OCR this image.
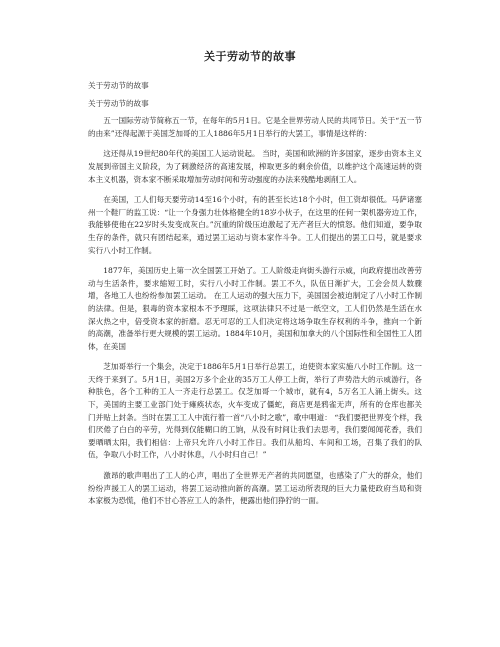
关于劳动节的故事

关于劳动节的故事

关于劳动节的故事

五一国际劳动节简称五一节，在每年的5月1日。它是全世界劳动人民的共同节日。关于“五一节的由来”还得起源于美国芝加哥的工人1886年5月1日举行的大罢工，事情是这样的：

这还得从19世纪80年代的美国工人运动说起。 当时，美国和欧洲的许多国家，逐步由资本主义发展到帝国主义阶段，为了刺激经济的高速发展，榨取更多的剩余价值，以维护这个高速运转的资本主义机器，资本家不断采取增加劳动时间和劳动强度的办法来残酷地剥削工人。

在美国，工人们每天要劳动14至16个小时，有的甚至长达18个小时，但工资却很低。马萨诸塞州一个鞋厂的监工说：“让一个身强力壮体格健全的18岁小伙子，在这里的任何一架机器旁边工作，我能够使他在22岁时头发变成灰白。”沉重的阶级压迫激起了无产者巨大的愤怒。他们知道，要争取生存的条件，就只有团结起来，通过罢工运动与资本家作斗争。工人们提出的罢工口号，就是要求实行八小时工作制。

1877年，美国历史上第一次全国罢工开始了。工人阶级走向街头游行示威，向政府提出改善劳动与生活条件，要求缩短工时，实行八小时工作制。罢工不久，队伍日渐扩大，工会会员人数骤增，各地工人也纷纷参加罢工运动。 在工人运动的强大压力下，美国国会被迫制定了八小时工作制的法律。但是，狠毒的资本家根本不予理睬，这项法律只不过是一纸空文，工人们仍然是生活在水深火热之中，倍受资本家的折磨。忍无可忍的工人们决定将这场争取生存权利的斗争，推向一个新的高潮，准备举行更大规模的罢工运动。1884年10月，美国和加拿大的八个国际性和全国性工人团体，在美国

芝加哥举行一个集会，决定于1886年5月1日举行总罢工，迫使资本家实施八小时工作制。这一天终于来到了。5月1日，美国2万多个企业的35万工人停工上街，举行了声势浩大的示威游行，各种肤色，各个工种的工人一齐走行总罢工。仅芝加哥一个城市，就有4，5万名工人涌上街头。这下，美国的主要工业部门处于瘫痪状态，火车变成了僵蛇，商店更是鸦雀无声，所有的仓库也都关门并贴上封条。当时在罢工工人中流行着一首“八小时之歌”，歌中唱道： “我们要把世界变个样，我们厌倦了白白的辛劳，光得到仅能糊口的工饷，从没有时间让我们去思考，我们要闻闻花香，我们要晒晒太阳，我们相信：上帝只允许八小时工作日。我们从船坞、车间和工场，召集了我们的队伍，争取八小时工作，八小时休息，八小时归自己！”

激昂的歌声唱出了工人的心声，唱出了全世界无产者的共同愿望，也感染了广大的群众，他们纷纷声援工人的罢工运动，将罢工运动推向新的高潮。罢工运动所表现的巨大力量使政府当局和资本家极为恐慌，他们不甘心答应工人的条件，便露出他们狰狞的一面。
